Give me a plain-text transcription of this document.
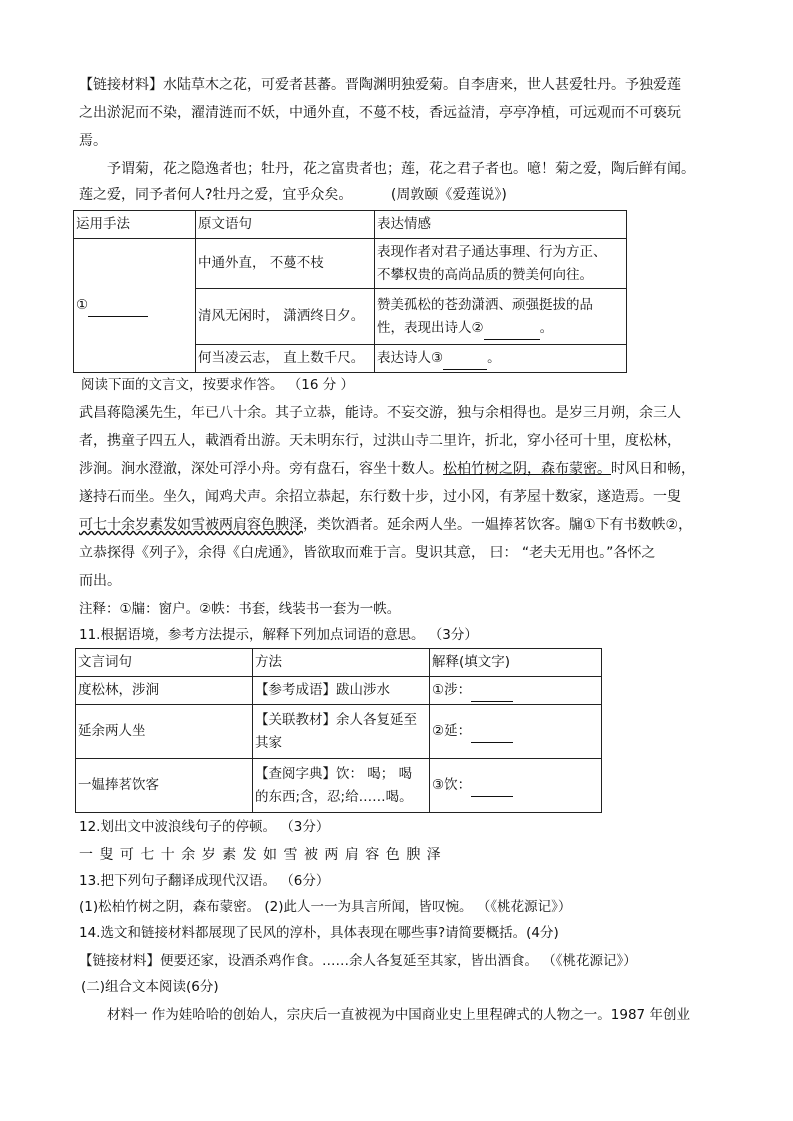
【链接材料】水陆草木之花，可爱者甚蕃。晋陶渊明独爱菊。自李唐来，世人甚爱牡丹。予独爱莲
之出淤泥而不染，濯清涟而不妖，中通外直，不蔓不枝，香远益清，亭亭净植，可远观而不可亵玩
焉。
予谓菊，花之隐逸者也；牡丹，花之富贵者也；莲，花之君子者也。噫！菊之爱，陶后鲜有闻。
莲之爱，同予者何人?牡丹之爱，宜乎众矣。	(周敦颐《爱莲说》)
运用手法	原文语句	表达情感
①	中通外直， 不蔓不枝	表现作者对君子通达事理、行为方正、
不攀权贵的高尚品质的赞美何向往。

	清风无闲时， 潇洒终日夕。	赞美孤松的苍劲潇洒、顽强挺拔的品
性，表现出诗人② 。

	何当凌云志， 直上数千尺。	表达诗人③ 。
阅读下面的文言文，按要求作答。 （16 分 ）
武昌蒋隐溪先生，年已八十余。其子立恭，能诗。不妄交游，独与余相得也。是岁三月朔，余三人
者，携童子四五人，載酒肴出游。天未明东行，过洪山寺二里许，折北，穿小径可十里，度松林，
涉涧。涧水澄澈，深处可浮小舟。旁有盘石，容坐十数人。松柏竹树之阴，森布蒙密。时风日和畅，
遂持石而坐。坐久，闻鸡犬声。余招立恭起，东行数十步，过小冈，有茅屋十数家，遂造焉。一叟
可七十余岁素发如雪被两肩容色腴泽，类饮酒者。延余两人坐。一媪捧茗饮客。牖①下有书数帙②，
立恭探得《列子》，余得《白虎通》，皆欲取而难于言。叟识其意， 曰： “老夫无用也。”各怀之
而出。
注释：①牖：窗户。②帙：书套，线装书一套为一帙。
11.根据语境，参考方法提示，解释下列加点词语的意思。 （3分）
文言词句	方法	解释(填文字)
度松林，涉涧	【参考成语】跋山涉水	①涉：
延余两人坐	【关联教材】余人各复延至
其家	②延：
一媪捧茗饮客	【查阅字典】饮： 喝； 喝
的东西;含，忍;给……喝。	③饮：
12.划出文中波浪线句子的停顿。 （3分）
一 叟 可 七 十 余 岁 素 发 如 雪 被 两 肩 容 色 腴 泽
13.把下列句子翻译成现代汉语。 （6分）
(1)松柏竹树之阴，森布蒙密。 (2)此人一一为具言所闻，皆叹惋。 （《桃花源记》）
14.选文和链接材料都展现了民风的淳朴，具体表现在哪些事?请简要概括。(4分)
【链接材料】便要还家，设酒杀鸡作食。……余人各复延至其家，皆出酒食。 （《桃花源记》）
(二)组合文本阅读(6分)
材料一 作为娃哈哈的创始人，宗庆后一直被视为中国商业史上里程碑式的人物之一。1987 年创业
